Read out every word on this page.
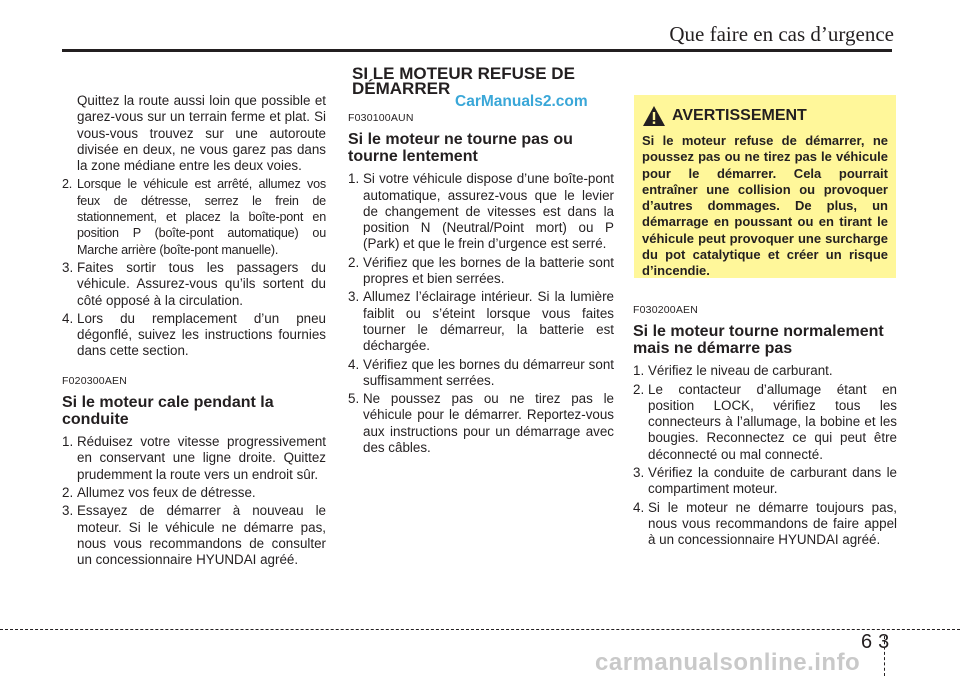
Que faire en cas d’urgence

Quittez la route aussi loin que possible et garez-vous sur un terrain ferme et plat. Si vous-vous trouvez sur une autoroute divisée en deux, ne vous garez pas dans la zone médiane entre les deux voies.

2. Lorsque le véhicule est arrêté, allumez vos feux de détresse, serrez le frein de stationnement, et placez la boîte-pont en position P (boîte-pont automatique) ou Marche arrière (boîte-pont manuelle).
3. Faites sortir tous les passagers du véhicule. Assurez-vous qu’ils sortent du côté opposé à la circulation.
4. Lors du remplacement d’un pneu dégonflé, suivez les instructions fournies dans cette section.
F020300AEN
Si le moteur cale pendant la conduite
1. Réduisez votre vitesse progressivement en conservant une ligne droite. Quittez prudemment la route vers un endroit sûr.
2. Allumez vos feux de détresse.
3. Essayez de démarrer à nouveau le moteur. Si le véhicule ne démarre pas, nous vous recommandons de consulter un concessionnaire HYUNDAI agréé.
SI LE MOTEUR REFUSE DE DÉMARRER
CarManuals2.com
F030100AUN
Si le moteur ne tourne pas ou tourne lentement
1. Si votre véhicule dispose d’une boîte-pont automatique, assurez-vous que le levier de changement de vitesses est dans la position N (Neutral/Point mort) ou P (Park) et que le frein d’urgence est serré.
2. Vérifiez que les bornes de la batterie sont propres et bien serrées.
3. Allumez l’éclairage intérieur. Si la lumière faiblit ou s’éteint lorsque vous faites tourner le démarreur, la batterie est déchargée.
4. Vérifiez que les bornes du démarreur sont suffisamment serrées.
5. Ne poussez pas ou ne tirez pas le véhicule pour le démarrer. Reportez-vous aux instructions pour un démarrage avec des câbles.
AVERTISSEMENT
Si le moteur refuse de démarrer, ne poussez pas ou ne tirez pas le véhicule pour le démarrer. Cela pourrait entraîner une collision ou provoquer d’autres dommages. De plus, un démarrage en poussant ou en tirant le véhicule peut provoquer une surcharge du pot catalytique et créer un risque d’incendie.
F030200AEN
Si le moteur tourne normalement mais ne démarre pas
1. Vérifiez le niveau de carburant.
2. Le contacteur d’allumage étant en position LOCK, vérifiez tous les connecteurs à l’allumage, la bobine et les bougies. Reconnectez ce qui peut être déconnecté ou mal connecté.
3. Vérifiez la conduite de carburant dans le compartiment moteur.
4. Si le moteur ne démarre toujours pas, nous vous recommandons de faire appel à un concessionnaire HYUNDAI agréé.
63
carmanualsonline.info
